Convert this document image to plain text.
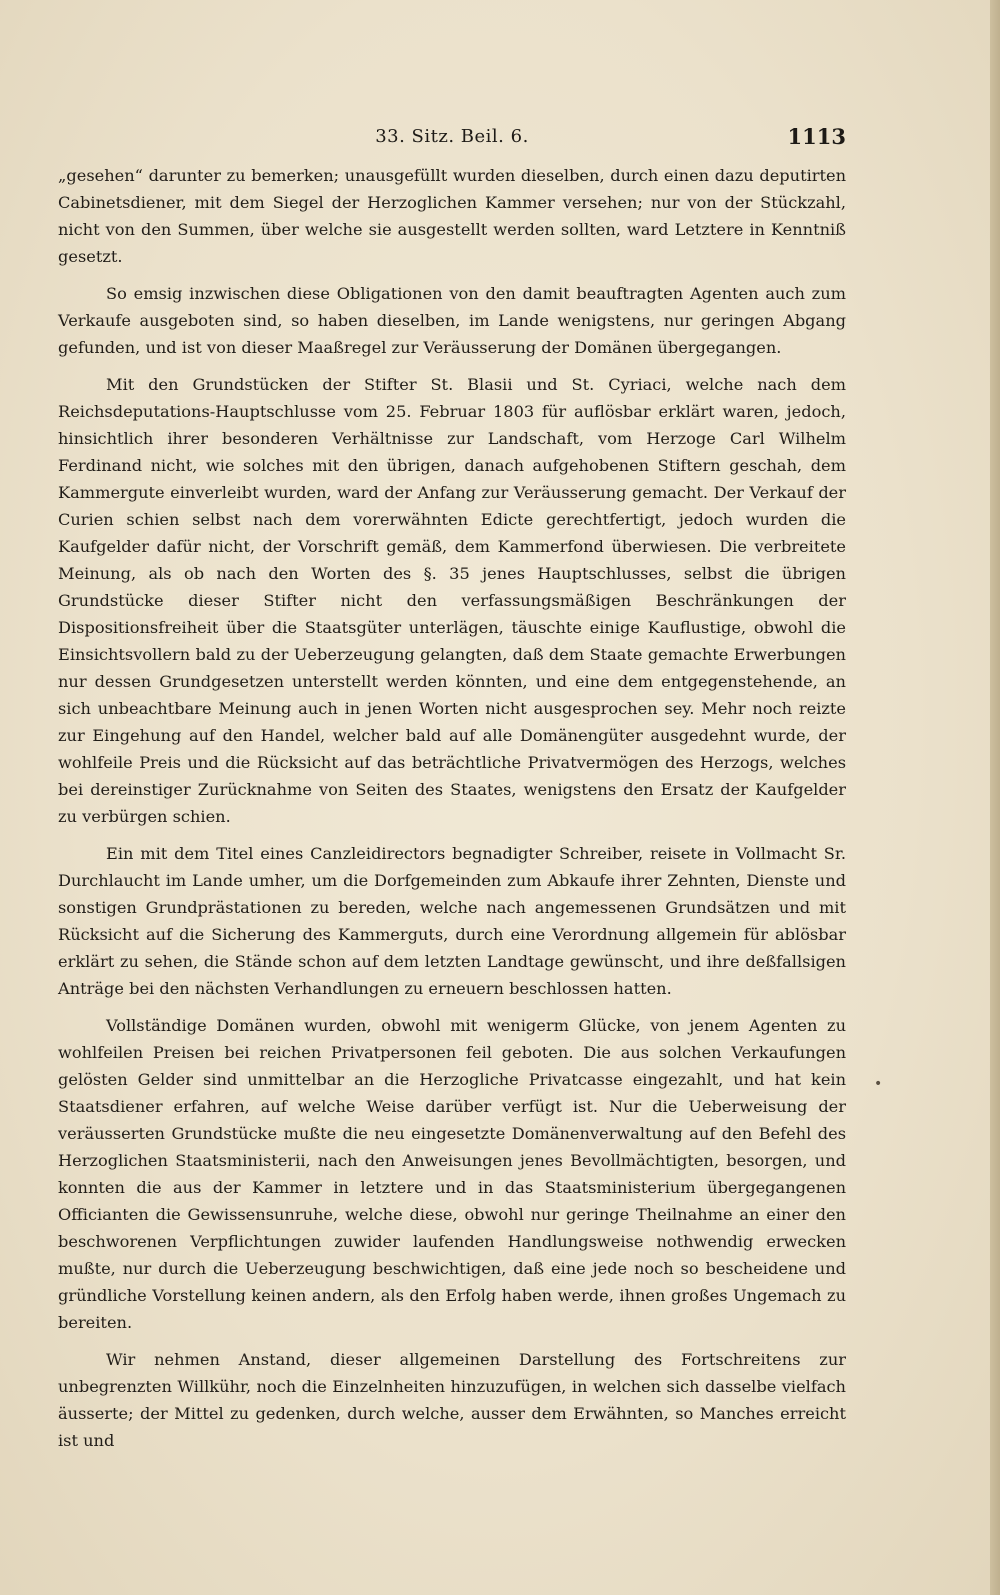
33. Sitz. Beil. 6.	1113

„gesehen“ darunter zu bemerken; unausgefüllt wurden dieselben, durch einen dazu deputirten Cabinetsdiener, mit dem Siegel der Herzoglichen Kammer versehen; nur von der Stückzahl, nicht von den Summen, über welche sie ausgestellt werden sollten, ward Letztere in Kenntniß gesetzt.

So emsig inzwischen diese Obligationen von den damit beauftragten Agenten auch zum Verkaufe ausgeboten sind, so haben dieselben, im Lande wenigstens, nur geringen Abgang gefunden, und ist von dieser Maaßregel zur Veräusserung der Domänen übergegangen.

Mit den Grundstücken der Stifter St. Blasii und St. Cyriaci, welche nach dem Reichsdeputations-Hauptschlusse vom 25. Februar 1803 für auflösbar erklärt waren, jedoch, hinsichtlich ihrer besonderen Verhältnisse zur Landschaft, vom Herzoge Carl Wilhelm Ferdinand nicht, wie solches mit den übrigen, danach aufgehobenen Stiftern geschah, dem Kammergute einverleibt wurden, ward der Anfang zur Veräusserung gemacht. Der Verkauf der Curien schien selbst nach dem vorerwähnten Edicte gerechtfertigt, jedoch wurden die Kaufgelder dafür nicht, der Vorschrift gemäß, dem Kammerfond überwiesen. Die verbreitete Meinung, als ob nach den Worten des §. 35 jenes Hauptschlusses, selbst die übrigen Grundstücke dieser Stifter nicht den verfassungsmäßigen Beschränkungen der Dispositionsfreiheit über die Staatsgüter unterlägen, täuschte einige Kauflustige, obwohl die Einsichtsvollern bald zu der Ueberzeugung gelangten, daß dem Staate gemachte Erwerbungen nur dessen Grundgesetzen unterstellt werden könnten, und eine dem entgegenstehende, an sich unbeachtbare Meinung auch in jenen Worten nicht ausgesprochen sey. Mehr noch reizte zur Eingehung auf den Handel, welcher bald auf alle Domänengüter ausgedehnt wurde, der wohlfeile Preis und die Rücksicht auf das beträchtliche Privatvermögen des Herzogs, welches bei dereinstiger Zurücknahme von Seiten des Staates, wenigstens den Ersatz der Kaufgelder zu verbürgen schien.

Ein mit dem Titel eines Canzleidirectors begnadigter Schreiber, reisete in Vollmacht Sr. Durchlaucht im Lande umher, um die Dorfgemeinden zum Abkaufe ihrer Zehnten, Dienste und sonstigen Grundprästationen zu bereden, welche nach angemessenen Grundsätzen und mit Rücksicht auf die Sicherung des Kammerguts, durch eine Verordnung allgemein für ablösbar erklärt zu sehen, die Stände schon auf dem letzten Landtage gewünscht, und ihre deßfallsigen Anträge bei den nächsten Verhandlungen zu erneuern beschlossen hatten.

Vollständige Domänen wurden, obwohl mit wenigerm Glücke, von jenem Agenten zu wohlfeilen Preisen bei reichen Privatpersonen feil geboten. Die aus solchen Verkaufungen gelösten Gelder sind unmittelbar an die Herzogliche Privatcasse eingezahlt, und hat kein Staatsdiener erfahren, auf welche Weise darüber verfügt ist. Nur die Ueberweisung der veräusserten Grundstücke mußte die neu eingesetzte Domänenverwaltung auf den Befehl des Herzoglichen Staatsministerii, nach den Anweisungen jenes Bevollmächtigten, besorgen, und konnten die aus der Kammer in letztere und in das Staatsministerium übergegangenen Officianten die Gewissensunruhe, welche diese, obwohl nur geringe Theilnahme an einer den beschworenen Verpflichtungen zuwider laufenden Handlungsweise nothwendig erwecken mußte, nur durch die Ueberzeugung beschwichtigen, daß eine jede noch so bescheidene und gründliche Vorstellung keinen andern, als den Erfolg haben werde, ihnen großes Ungemach zu bereiten.

Wir nehmen Anstand, dieser allgemeinen Darstellung des Fortschreitens zur unbegrenzten Willkühr, noch die Einzelnheiten hinzuzufügen, in welchen sich dasselbe vielfach äusserte; der Mittel zu gedenken, durch welche, ausser dem Erwähnten, so Manches erreicht ist und

•
